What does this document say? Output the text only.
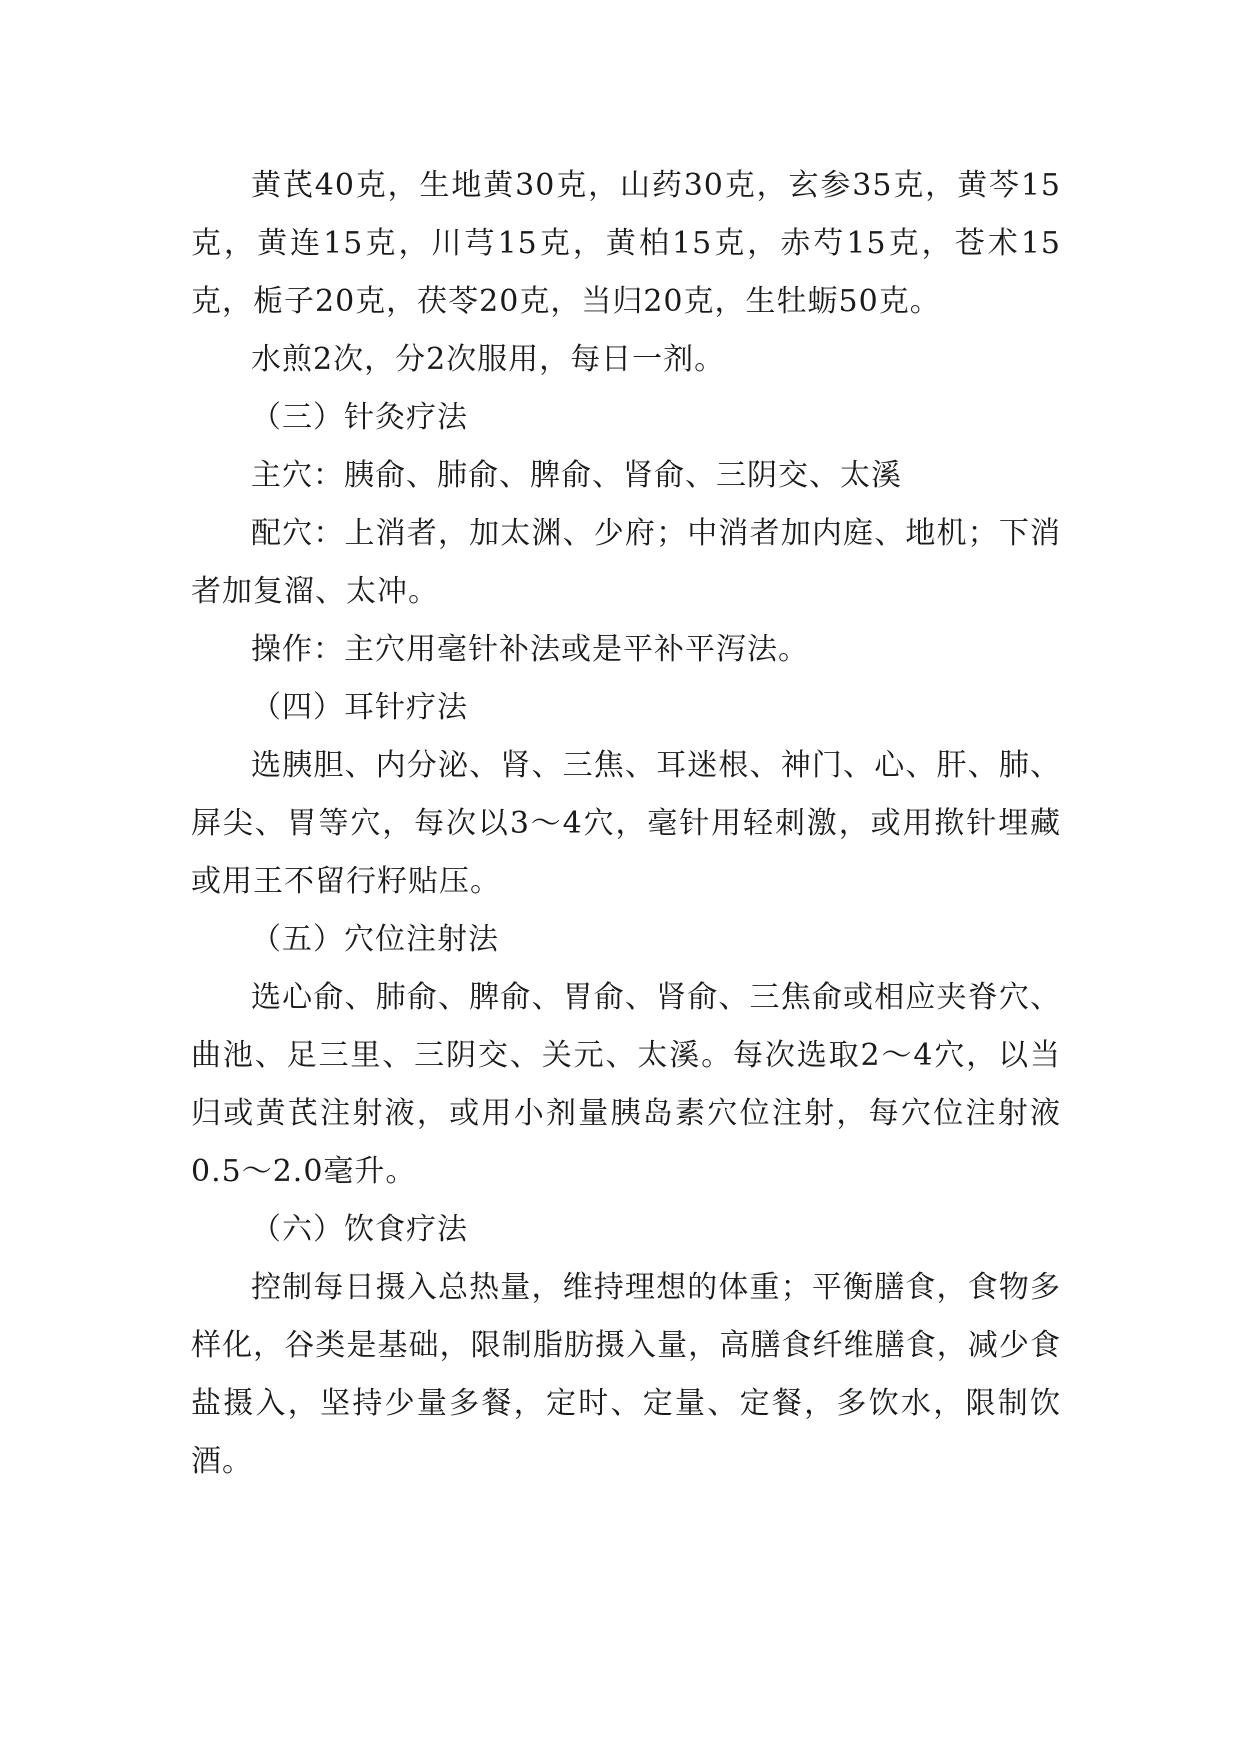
黄芪40克，生地黄30克，山药30克，玄参35克，黄芩15克，黄连15克，川芎15克，黄柏15克，赤芍15克，苍术15克，栀子20克，茯苓20克，当归20克，生牡蛎50克。

水煎2次，分2次服用，每日一剂。

（三）针灸疗法

主穴：胰俞、肺俞、脾俞、肾俞、三阴交、太溪

配穴：上消者，加太渊、少府；中消者加内庭、地机；下消者加复溜、太冲。

操作：主穴用毫针补法或是平补平泻法。

（四）耳针疗法

选胰胆、内分泌、肾、三焦、耳迷根、神门、心、肝、肺、屏尖、胃等穴，每次以3～4穴，毫针用轻刺激，或用揿针埋藏或用王不留行籽贴压。

（五）穴位注射法

选心俞、肺俞、脾俞、胃俞、肾俞、三焦俞或相应夹脊穴、曲池、足三里、三阴交、关元、太溪。每次选取2～4穴，以当归或黄芪注射液，或用小剂量胰岛素穴位注射，每穴位注射液0.5～2.0毫升。

（六）饮食疗法

控制每日摄入总热量，维持理想的体重；平衡膳食，食物多样化，谷类是基础，限制脂肪摄入量，高膳食纤维膳食，减少食盐摄入，坚持少量多餐，定时、定量、定餐，多饮水，限制饮酒。
